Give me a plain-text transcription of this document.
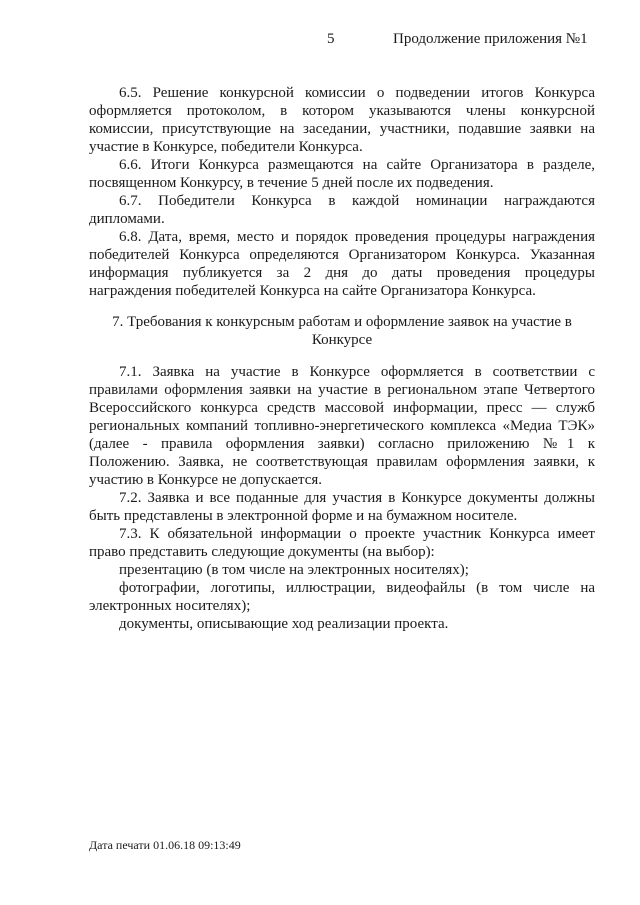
5	Продолжение приложения №1
6.5. Решение конкурсной комиссии о подведении итогов Конкурса
оформляется протоколом, в котором указываются члены конкурсной
комиссии, присутствующие на заседании, участники, подавшие заявки на
участие в Конкурсе, победители Конкурса.
6.6. Итоги Конкурса размещаются на сайте Организатора в разделе,
посвященном Конкурсу, в течение 5 дней после их подведения.
6.7. Победители Конкурса в каждой номинации награждаются
дипломами.
6.8. Дата, время, место и порядок проведения процедуры награждения
победителей Конкурса определяются Организатором Конкурса. Указанная
информация публикуется за 2 дня до даты проведения процедуры
награждения победителей Конкурса на сайте Организатора Конкурса.
7. Требования к конкурсным работам и оформление заявок на участие в
Конкурсе
7.1. Заявка на участие в Конкурсе оформляется в соответствии с
правилами оформления заявки на участие в региональном этапе Четвертого
Всероссийского конкурса средств массовой информации, пресс — служб
региональных компаний топливно-энергетического комплекса «Медиа ТЭК»
(далее - правила оформления заявки) согласно приложению №1 к
Положению. Заявка, не соответствующая правилам оформления заявки, к
участию в Конкурсе не допускается.
7.2. Заявка и все поданные для участия в Конкурсе документы должны
быть представлены в электронной форме и на бумажном носителе.
7.3. К обязательной информации о проекте участник Конкурса имеет
право представить следующие документы (на выбор):
презентацию (в том числе на электронных носителях);
фотографии, логотипы, иллюстрации, видеофайлы (в том числе на
электронных носителях);
документы, описывающие ход реализации проекта.
Дата печати 01.06.18 09:13:49
